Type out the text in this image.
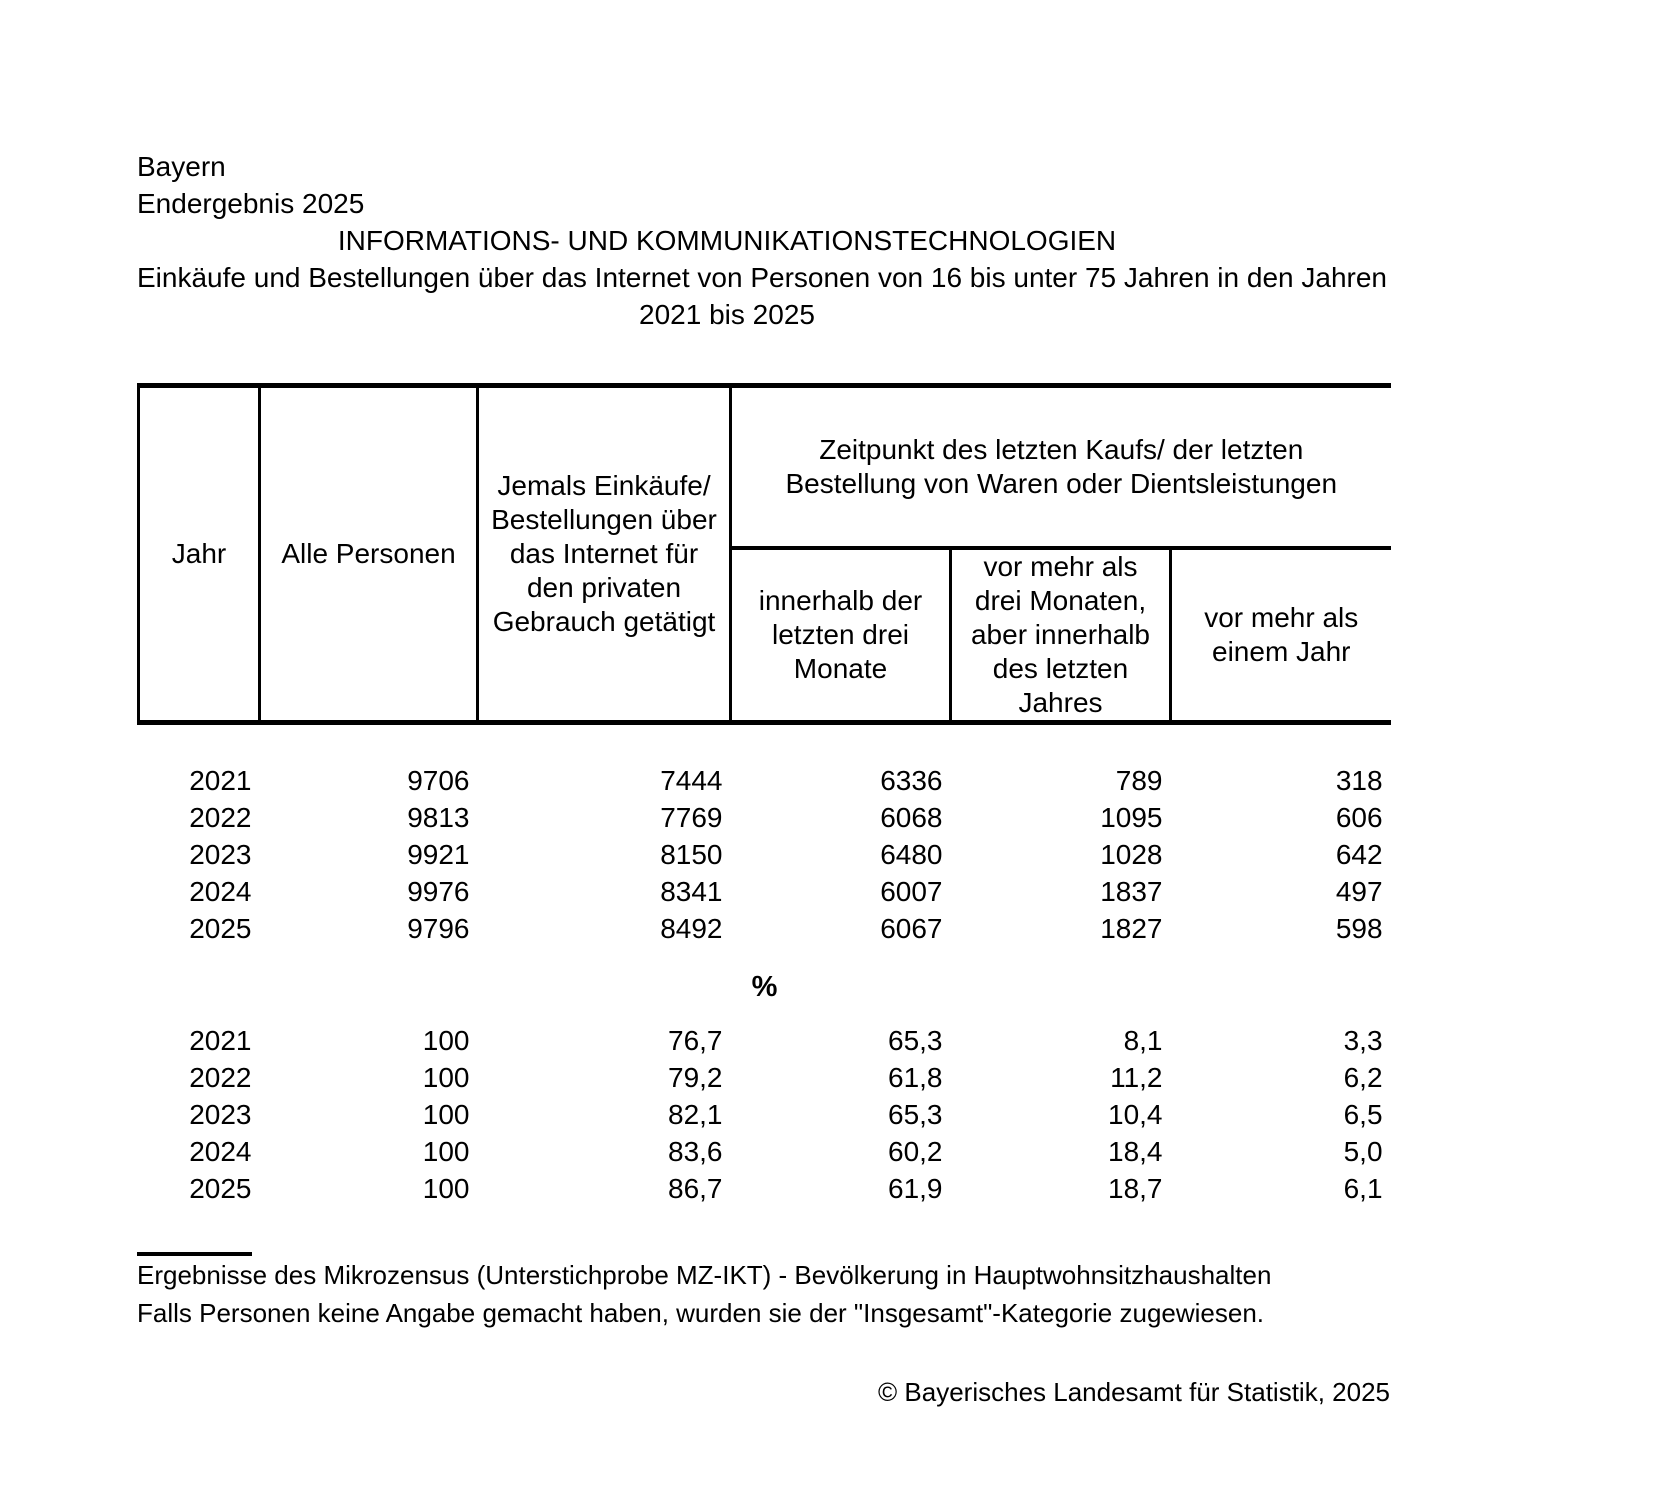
Bayern
Endergebnis 2025
INFORMATIONS- UND KOMMUNIKATIONSTECHNOLOGIEN
Einkäufe und Bestellungen über das Internet von Personen von 16 bis unter 75 Jahren in den Jahren
2021 bis 2025
Jahr	Alle Personen	Jemals Einkäufe/ Bestellungen über das Internet für den privaten Gebrauch getätigt	Zeitpunkt des letzten Kaufs/ der letzten Bestellung von Waren oder Dientsleistungen		
			innerhalb der letzten drei Monate	vor mehr als drei Monaten, aber innerhalb des letzten Jahres	vor mehr als einem Jahr

2021	9706	7444	6336	789	318
2022	9813	7769	6068	1095	606
2023	9921	8150	6480	1028	642
2024	9976	8341	6007	1837	497
2025	9796	8492	6067	1827	598

%					

2021	100	76,7	65,3	8,1	3,3
2022	100	79,2	61,8	11,2	6,2
2023	100	82,1	65,3	10,4	6,5
2024	100	83,6	60,2	18,4	5,0
2025	100	86,7	61,9	18,7	6,1
Ergebnisse des Mikrozensus (Unterstichprobe MZ-IKT) - Bevölkerung in Hauptwohnsitzhaushalten
Falls Personen keine Angabe gemacht haben, wurden sie der "Insgesamt"-Kategorie zugewiesen.
© Bayerisches Landesamt für Statistik, 2025
